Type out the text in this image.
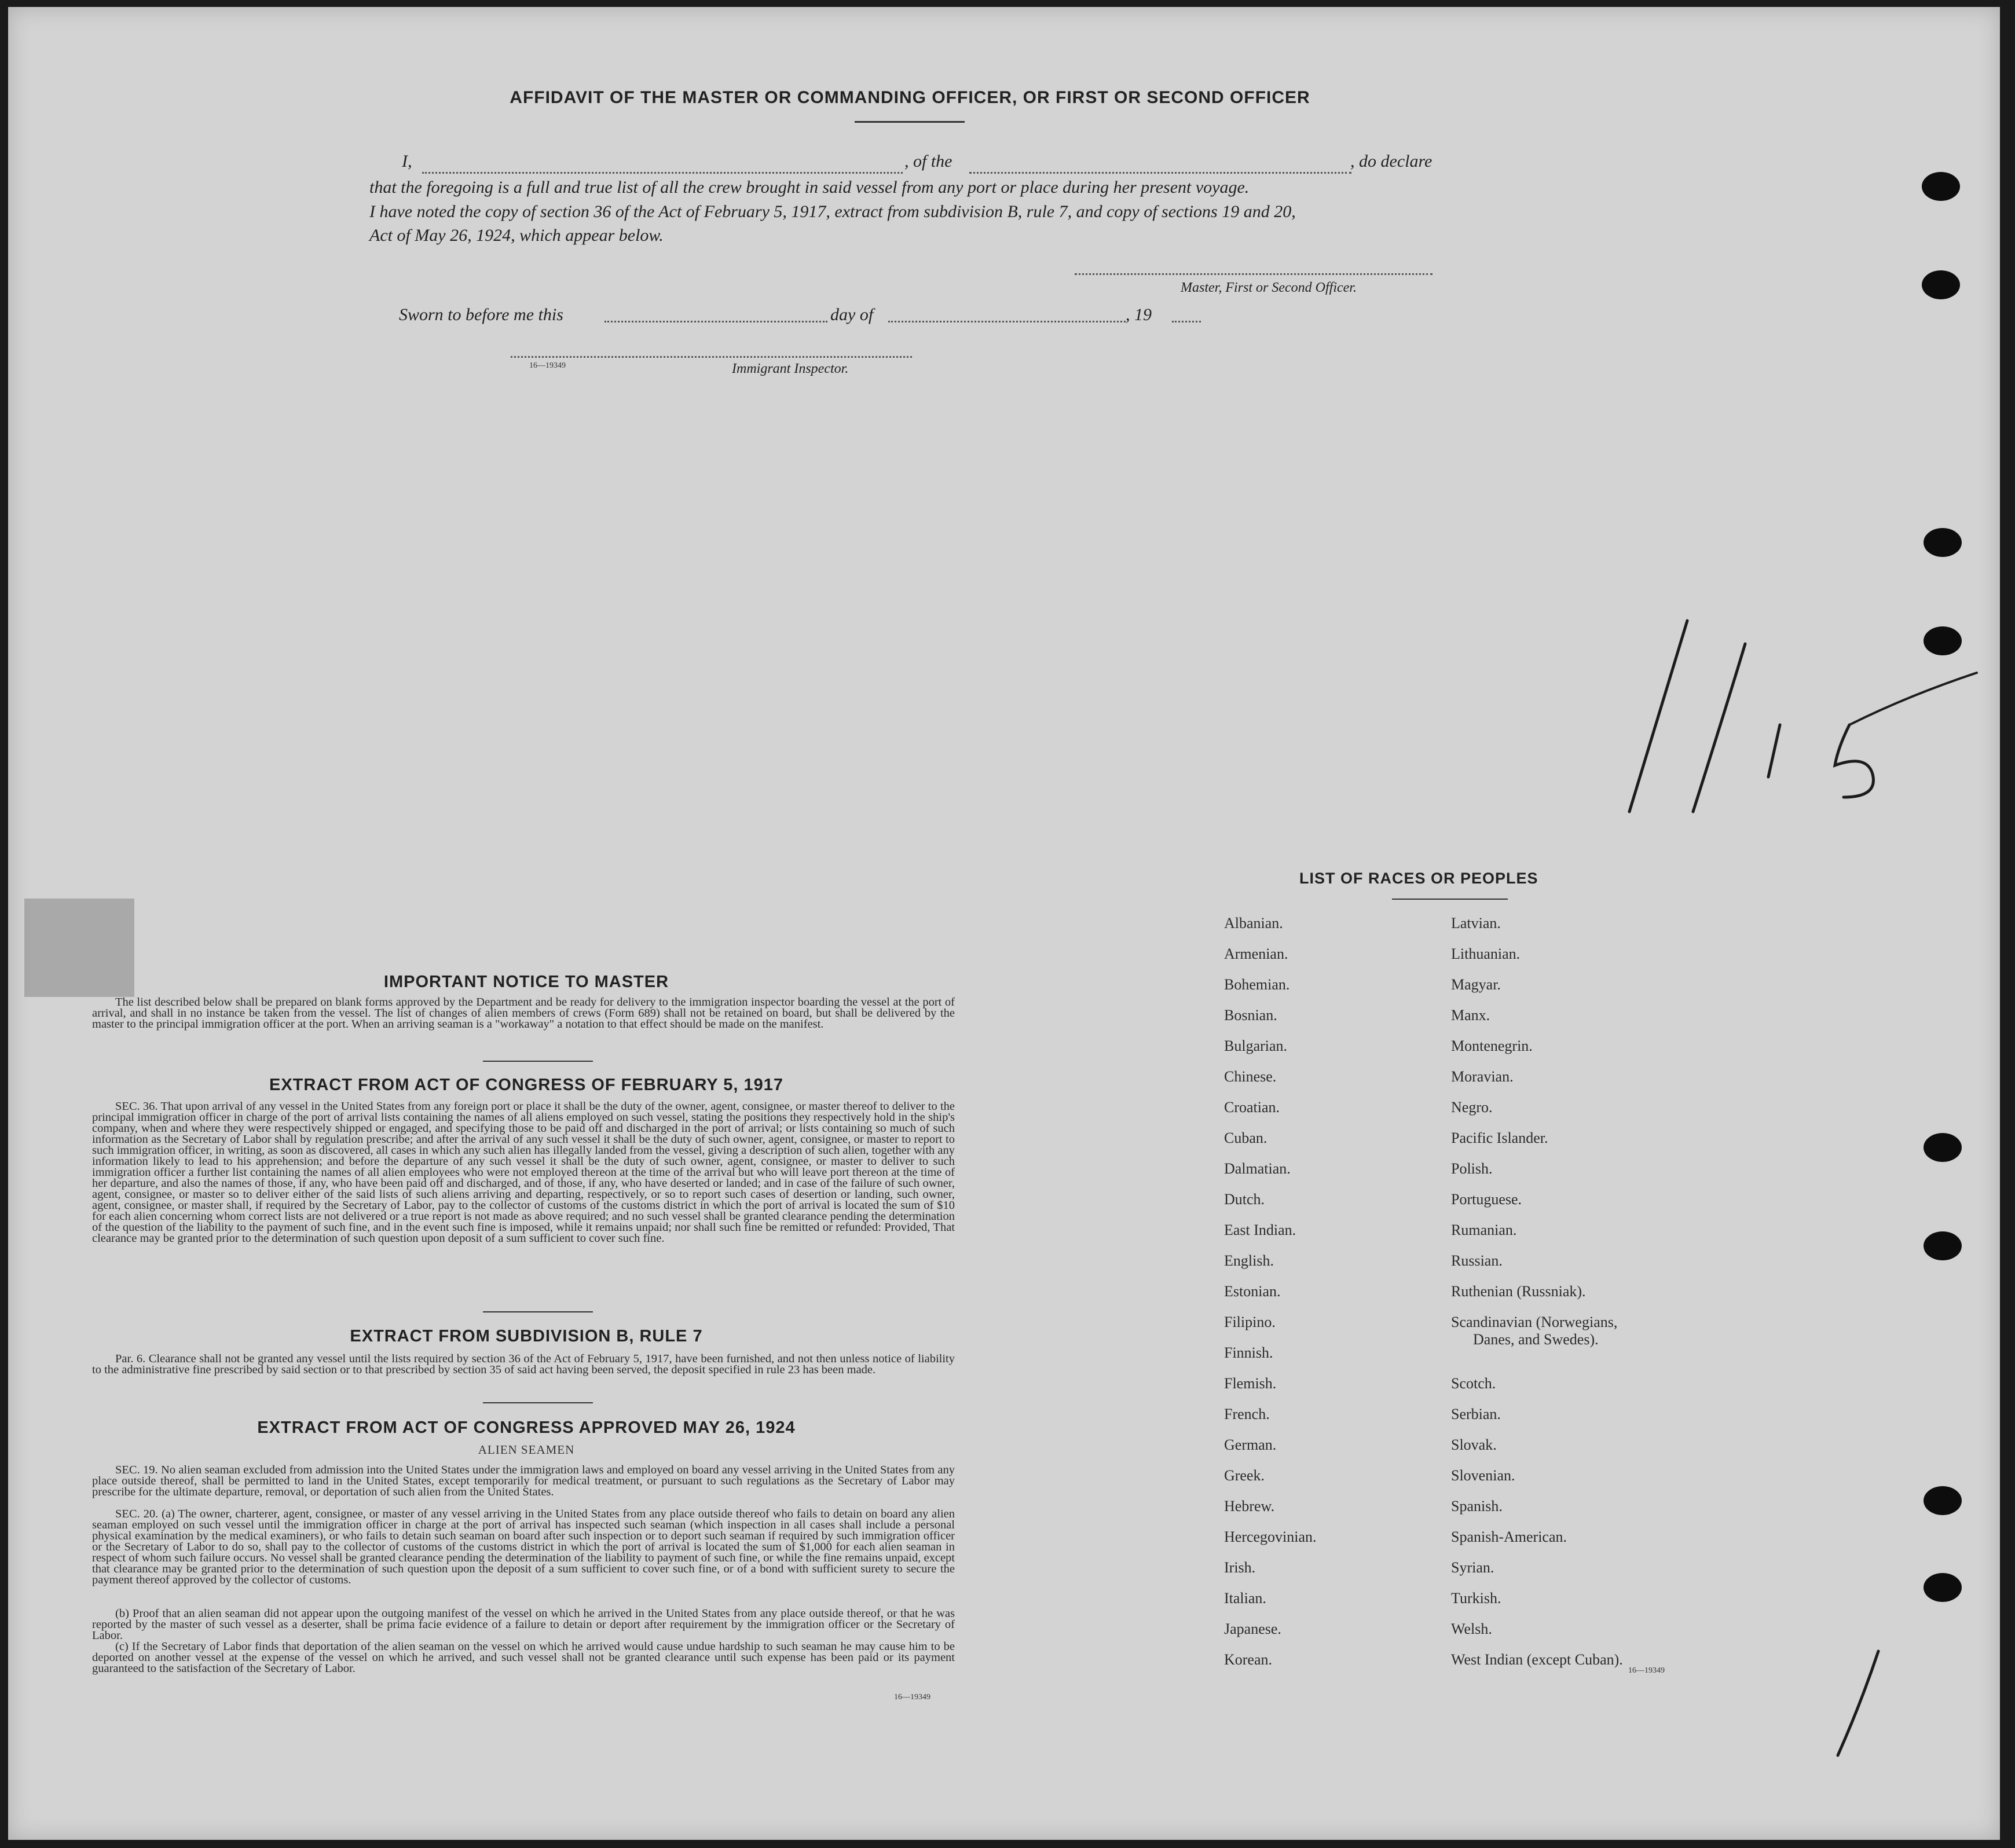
AFFIDAVIT OF THE MASTER OR COMMANDING OFFICER, OR FIRST OR SECOND OFFICER
I,	, of the	, do declare
that the foregoing is a full and true list of all the crew brought in said vessel from any port or place during her present voyage.
I have noted the copy of section 36 of the Act of February 5, 1917, extract from subdivision B, rule 7, and copy of sections 19 and 20,
Act of May 26, 1924, which appear below.
Master, First or Second Officer.
Sworn to before me this	day of	, 19
16—19349	Immigrant Inspector.
IMPORTANT NOTICE TO MASTER
The list described below shall be prepared on blank forms approved by the Department and be ready for delivery to the immigration inspector boarding the vessel at the port of arrival, and shall in no instance be taken from the vessel. The list of changes of alien members of crews (Form 689) shall not be retained on board, but shall be delivered by the master to the principal immigration officer at the port. When an arriving seaman is a "workaway" a notation to that effect should be made on the manifest.
EXTRACT FROM ACT OF CONGRESS OF FEBRUARY 5, 1917
SEC. 36. That upon arrival of any vessel in the United States from any foreign port or place it shall be the duty of the owner, agent, consignee, or master thereof to deliver to the principal immigration officer in charge of the port of arrival lists containing the names of all aliens employed on such vessel, stating the positions they respectively hold in the ship's company, when and where they were respectively shipped or engaged, and specifying those to be paid off and discharged in the port of arrival; or lists containing so much of such information as the Secretary of Labor shall by regulation prescribe; and after the arrival of any such vessel it shall be the duty of such owner, agent, consignee, or master to report to such immigration officer, in writing, as soon as discovered, all cases in which any such alien has illegally landed from the vessel, giving a description of such alien, together with any information likely to lead to his apprehension; and before the departure of any such vessel it shall be the duty of such owner, agent, consignee, or master to deliver to such immigration officer a further list containing the names of all alien employees who were not employed thereon at the time of the arrival but who will leave port thereon at the time of her departure, and also the names of those, if any, who have been paid off and discharged, and of those, if any, who have deserted or landed; and in case of the failure of such owner, agent, consignee, or master so to deliver either of the said lists of such aliens arriving and departing, respectively, or so to report such cases of desertion or landing, such owner, agent, consignee, or master shall, if required by the Secretary of Labor, pay to the collector of customs of the customs district in which the port of arrival is located the sum of $10 for each alien concerning whom correct lists are not delivered or a true report is not made as above required; and no such vessel shall be granted clearance pending the determination of the question of the liability to the payment of such fine, and in the event such fine is imposed, while it remains unpaid; nor shall such fine be remitted or refunded: Provided, That clearance may be granted prior to the determination of such question upon deposit of a sum sufficient to cover such fine.
EXTRACT FROM SUBDIVISION B, RULE 7
Par. 6. Clearance shall not be granted any vessel until the lists required by section 36 of the Act of February 5, 1917, have been furnished, and not then unless notice of liability to the administrative fine prescribed by said section or to that prescribed by section 35 of said act having been served, the deposit specified in rule 23 has been made.
EXTRACT FROM ACT OF CONGRESS APPROVED MAY 26, 1924
ALIEN SEAMEN
SEC. 19. No alien seaman excluded from admission into the United States under the immigration laws and employed on board any vessel arriving in the United States from any place outside thereof, shall be permitted to land in the United States, except temporarily for medical treatment, or pursuant to such regulations as the Secretary of Labor may prescribe for the ultimate departure, removal, or deportation of such alien from the United States.
SEC. 20. (a) The owner, charterer, agent, consignee, or master of any vessel arriving in the United States from any place outside thereof who fails to detain on board any alien seaman employed on such vessel until the immigration officer in charge at the port of arrival has inspected such seaman (which inspection in all cases shall include a personal physical examination by the medical examiners), or who fails to detain such seaman on board after such inspection or to deport such seaman if required by such immigration officer or the Secretary of Labor to do so, shall pay to the collector of customs of the customs district in which the port of arrival is located the sum of $1,000 for each alien seaman in respect of whom such failure occurs. No vessel shall be granted clearance pending the determination of the liability to payment of such fine, or while the fine remains unpaid, except that clearance may be granted prior to the determination of such question upon the deposit of a sum sufficient to cover such fine, or of a bond with sufficient surety to secure the payment thereof approved by the collector of customs.
(b) Proof that an alien seaman did not appear upon the outgoing manifest of the vessel on which he arrived in the United States from any place outside thereof, or that he was reported by the master of such vessel as a deserter, shall be prima facie evidence of a failure to detain or deport after requirement by the immigration officer or the Secretary of Labor.
(c) If the Secretary of Labor finds that deportation of the alien seaman on the vessel on which he arrived would cause undue hardship to such seaman he may cause him to be deported on another vessel at the expense of the vessel on which he arrived, and such vessel shall not be granted clearance until such expense has been paid or its payment guaranteed to the satisfaction of the Secretary of Labor.
16—19349
LIST OF RACES OR PEOPLES
16—19349
Albanian.
Armenian.
Bohemian.
Bosnian.
Bulgarian.
Chinese.
Croatian.
Cuban.
Dalmatian.
Dutch.
East Indian.
English.
Estonian.
Filipino.
Finnish.
Flemish.
French.
German.
Greek.
Hebrew.
Hercegovinian.
Irish.
Italian.
Japanese.
Korean.
Latvian.
Lithuanian.
Magyar.
Manx.
Montenegrin.
Moravian.
Negro.
Pacific Islander.
Polish.
Portuguese.
Rumanian.
Russian.
Ruthenian (Russniak).
Scandinavian (Norwegians,
Danes, and Swedes).
Scotch.
Serbian.
Slovak.
Slovenian.
Spanish.
Spanish-American.
Syrian.
Turkish.
Welsh.
West Indian (except Cuban).
